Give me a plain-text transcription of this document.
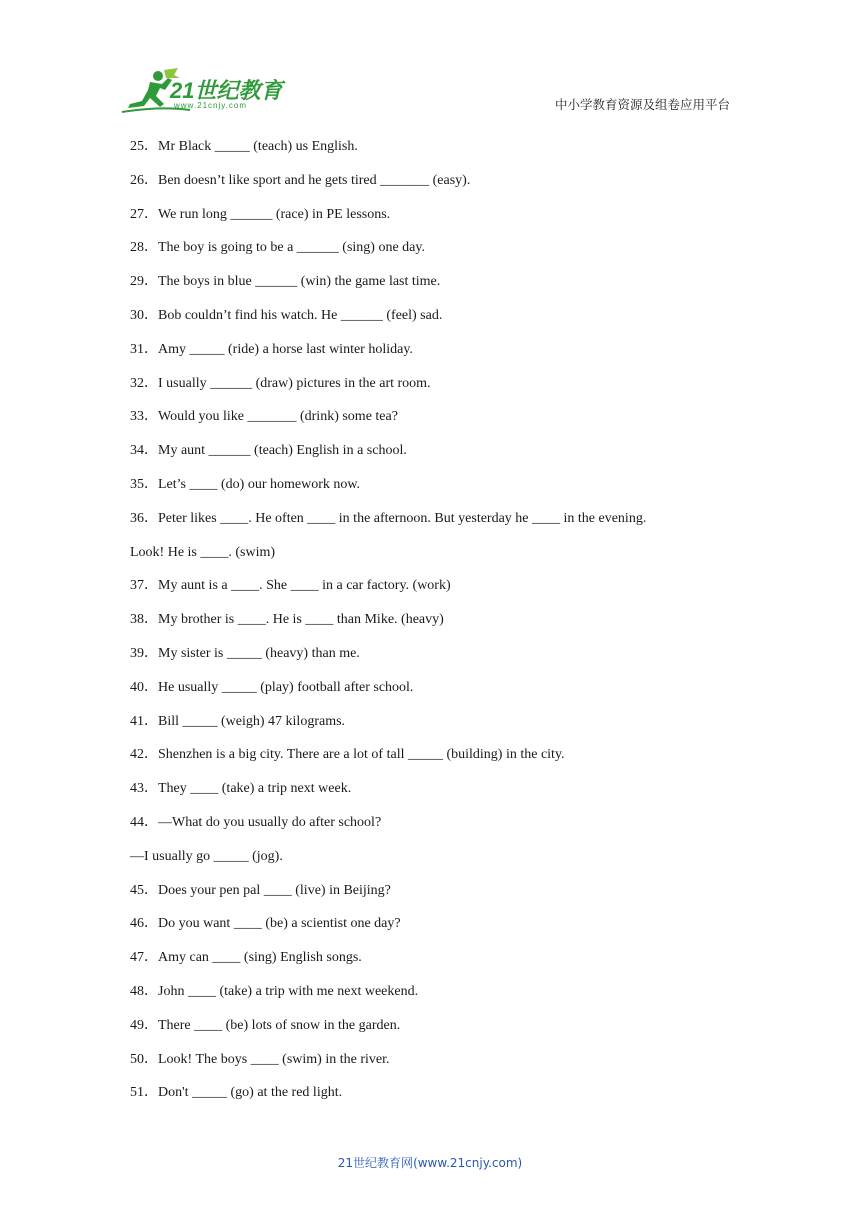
21世纪教育
www.21cnjy.com	中小学教育资源及组卷应用平台
25．Mr Black _____ (teach) us English.
26．Ben doesn’t like sport and he gets tired _______ (easy).
27．We run long ______ (race) in PE lessons.
28．The boy is going to be a ______ (sing) one day.
29．The boys in blue ______ (win) the game last time.
30．Bob couldn’t find his watch. He ______ (feel) sad.
31．Amy _____ (ride) a horse last winter holiday.
32．I usually ______ (draw) pictures in the art room.
33．Would you like _______ (drink) some tea?
34．My aunt ______ (teach) English in a school.
35．Let’s ____ (do) our homework now.
36．Peter likes ____. He often ____ in the afternoon. But yesterday he ____ in the evening.
Look! He is ____. (swim)
37．My aunt is a ____. She ____ in a car factory. (work)
38．My brother is ____. He is ____ than Mike. (heavy)
39．My sister is _____ (heavy) than me.
40．He usually _____ (play) football after school.
41．Bill _____ (weigh) 47 kilograms.
42．Shenzhen is a big city. There are a lot of tall _____ (building) in the city.
43．They ____ (take) a trip next week.
44．—What do you usually do after school?
—I usually go _____ (jog).
45．Does your pen pal ____ (live) in Beijing?
46．Do you want ____ (be) a scientist one day?
47．Amy can ____ (sing) English songs.
48．John ____ (take) a trip with me next weekend.
49．There ____ (be) lots of snow in the garden.
50．Look! The boys ____ (swim) in the river.
51．Don't _____ (go) at the red light.
21世纪教育网(www.21cnjy.com)
